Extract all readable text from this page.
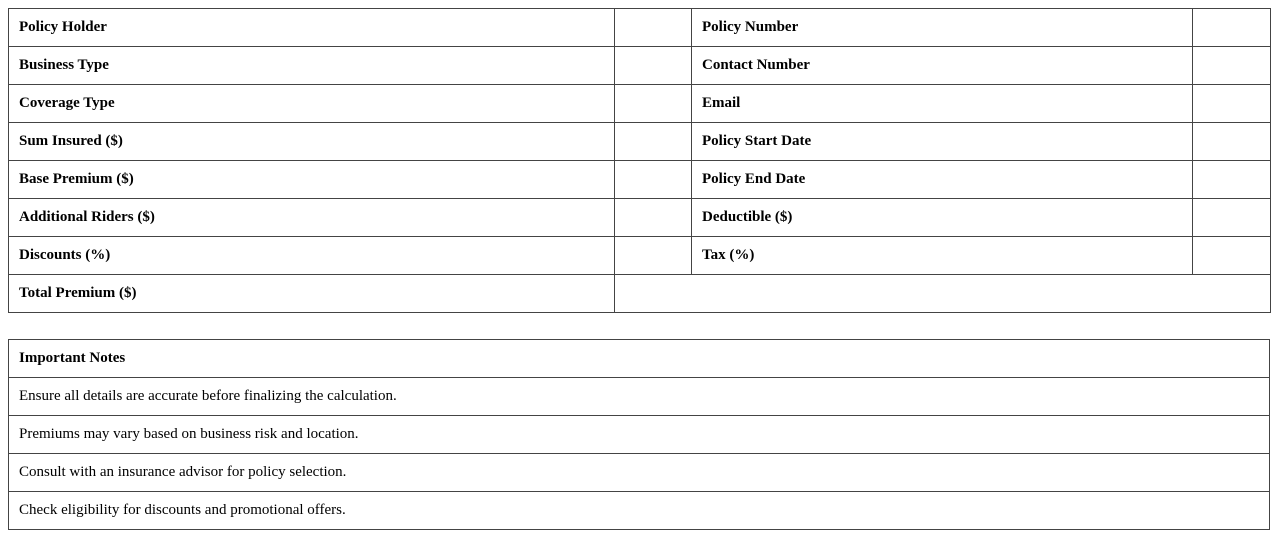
Policy Holder		Policy Number	
Business Type		Contact Number	
Coverage Type		Email	
Sum Insured ($)		Policy Start Date	
Base Premium ($)		Policy End Date	
Additional Riders ($)		Deductible ($)	
Discounts (%)		Tax (%)	
Total Premium ($)	
Important Notes
Ensure all details are accurate before finalizing the calculation.
Premiums may vary based on business risk and location.
Consult with an insurance advisor for policy selection.
Check eligibility for discounts and promotional offers.
